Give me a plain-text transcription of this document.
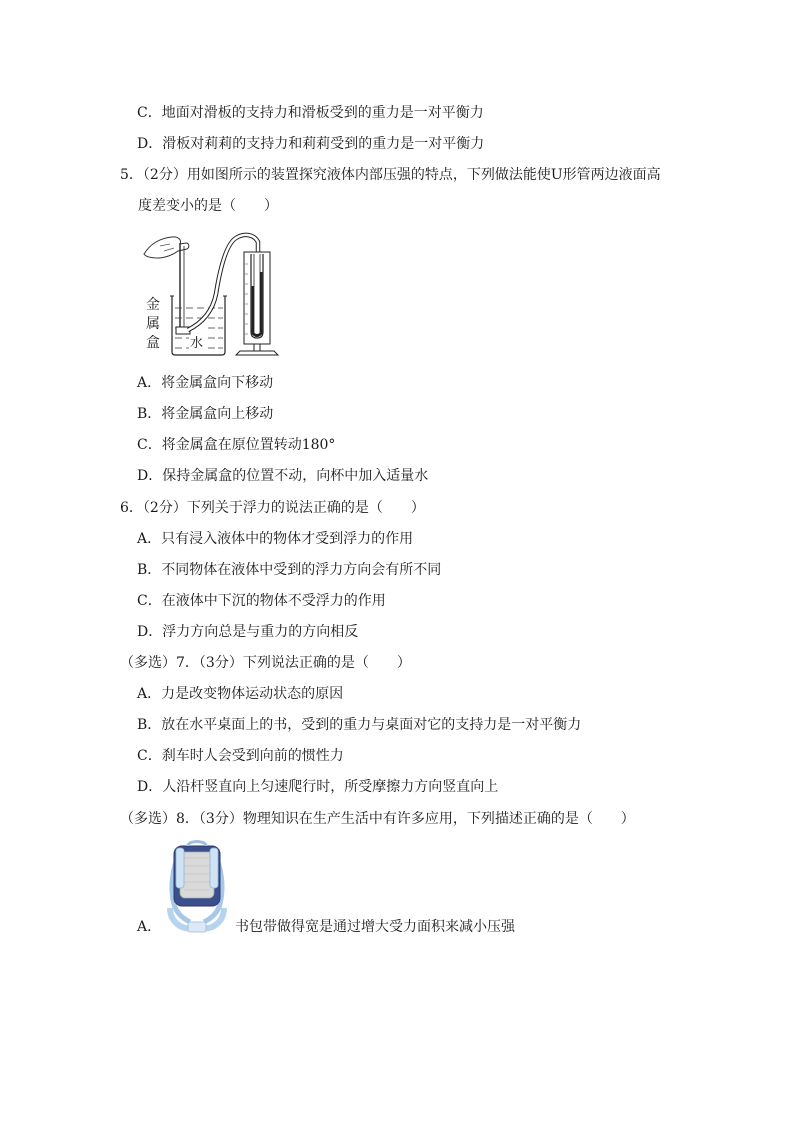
C．地面对滑板的支持力和滑板受到的重力是一对平衡力
D．滑板对莉莉的支持力和莉莉受到的重力是一对平衡力
5．（2分）用如图所示的装置探究液体内部压强的特点，下列做法能使U形管两边液面高
度差变小的是（　　）
金
属
盒 水
A．将金属盒向下移动
B．将金属盒向上移动
C．将金属盒在原位置转动180°
D．保持金属盒的位置不动，向杯中加入适量水
6．（2分）下列关于浮力的说法正确的是（　　）
A．只有浸入液体中的物体才受到浮力的作用
B．不同物体在液体中受到的浮力方向会有所不同
C．在液体中下沉的物体不受浮力的作用
D．浮力方向总是与重力的方向相反
（多选）7．（3分）下列说法正确的是（　　）
A．力是改变物体运动状态的原因
B．放在水平桌面上的书，受到的重力与桌面对它的支持力是一对平衡力
C．刹车时人会受到向前的惯性力
D．人沿杆竖直向上匀速爬行时，所受摩擦力方向竖直向上
（多选）8．（3分）物理知识在生产生活中有许多应用，下列描述正确的是（　　）
A．	书包带做得宽是通过增大受力面积来减小压强
